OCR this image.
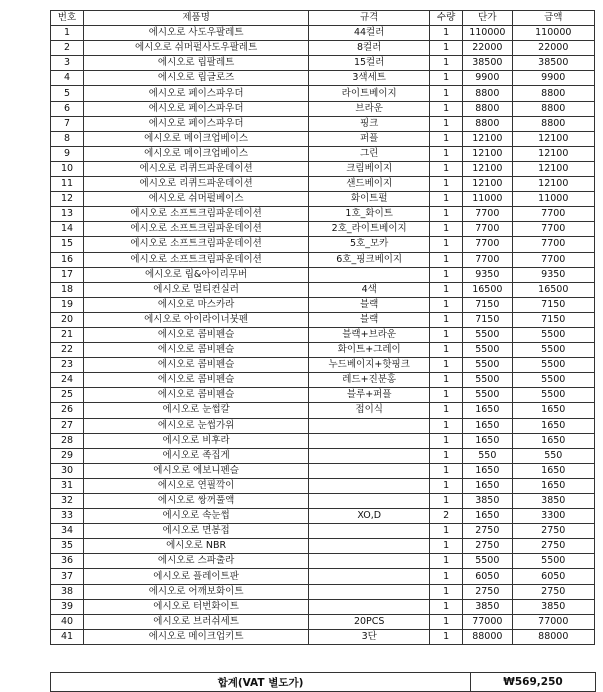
번호	제품명	규격	수량	단가	금액
1	에시오로 사도우팔레트	44컬러	1	110000	110000
2	에시오로 쉬머펄사도우팔레트	8컬러	1	22000	22000
3	에시오로 립팔레트	15컬러	1	38500	38500
4	에시오로 립글로즈	3색세트	1	9900	9900
5	에시오로 페이스파우더	라이트베이지	1	8800	8800
6	에시오로 페이스파우더	브라운	1	8800	8800
7	에시오로 페이스파우더	핑크	1	8800	8800
8	에시오로 메이크업베이스	퍼플	1	12100	12100
9	에시오로 메이크업베이스	그린	1	12100	12100
10	에시오로 리퀴드파운데이션	크림베이지	1	12100	12100
11	에시오로 리퀴드파운데이션	샌드베이지	1	12100	12100
12	에시오로 쉬머펄베이스	화이트펄	1	11000	11000
13	에시오로 소프트크림파운데이션	1호_화이트	1	7700	7700
14	에시오로 소프트크림파운데이션	2호_라이트베이지	1	7700	7700
15	에시오로 소프트크림파운데이션	5호_모카	1	7700	7700
16	에시오로 소프트크림파운데이션	6호_핑크베이지	1	7700	7700
17	에시오로 립&아이리무버		1	9350	9350
18	에시오로 멀티컨실러	4색	1	16500	16500
19	에시오로 마스카라	블랙	1	7150	7150
20	에시오로 아이라이너붓펜	블랙	1	7150	7150
21	에시오로 콤비펜슬	블랙+브라운	1	5500	5500
22	에시오로 콤비펜슬	화이트+그레이	1	5500	5500
23	에시오로 콤비펜슬	누드베이지+핫핑크	1	5500	5500
24	에시오로 콤비펜슬	레드+진분홍	1	5500	5500
25	에시오로 콤비펜슬	블루+퍼플	1	5500	5500
26	에시오로 눈썹칼	접이식	1	1650	1650
27	에시오로 눈썹가위		1	1650	1650
28	에시오로 비후라		1	1650	1650
29	에시오로 족집게		1	550	550
30	에시오로 에보니펜슬		1	1650	1650
31	에시오로 연필깍이		1	1650	1650
32	에시오로 쌍꺼풀액		1	3850	3850
33	에시오로 속눈썹	XO,D	2	1650	3300
34	에시오로 면봉접		1	2750	2750
35	에시오로 NBR		1	2750	2750
36	에시오로 스파출라		1	5500	5500
37	에시오로 플레이트판		1	6050	6050
38	에시오로 어깨보화이트		1	2750	2750
39	에시오로 터번화이트		1	3850	3850
40	에시오로 브러쉬세트	20PCS	1	77000	77000
41	에시오로 메이크업키트	3단	1	88000	88000
합계(VAT 별도가)	₩569,250
